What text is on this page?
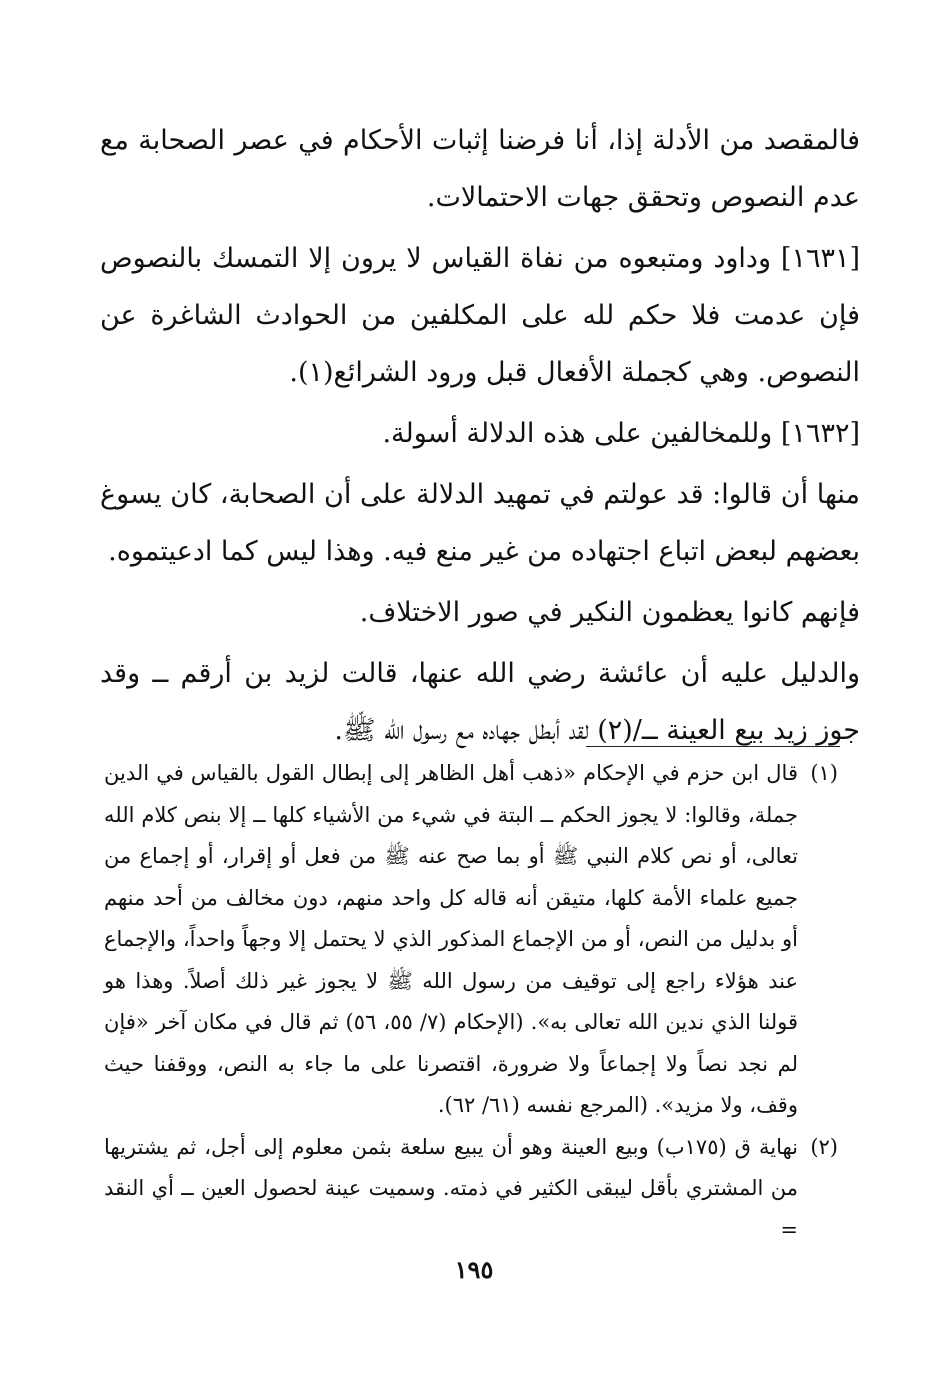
فالمقصد من الأدلة إذا، أنا فرضنا إثبات الأحكام في عصر الصحابة مع عدم النصوص وتحقق جهات الاحتمالات.

[١٦٣١] وداود ومتبعوه من نفاة القياس لا يرون إلا التمسك بالنصوص فإن عدمت فلا حكم لله على المكلفين من الحوادث الشاغرة عن النصوص. وهي كجملة الأفعال قبل ورود الشرائع(١).

[١٦٣٢] وللمخالفين على هذه الدلالة أسولة.

منها أن قالوا: قد عولتم في تمهيد الدلالة على أن الصحابة، كان يسوغ بعضهم لبعض اتباع اجتهاده من غير منع فيه. وهذا ليس كما ادعيتموه.

فإنهم كانوا يعظمون النكير في صور الاختلاف.

والدليل عليه أن عائشة رضي الله عنها، قالت لزيد بن أرقم ــ وقد جوز زيد بيع العينة ــ/(٢) لقد أبطل جهاده مع رسول الله ﷺ.

(١)
قال ابن حزم في الإحكام «ذهب أهل الظاهر إلى إبطال القول بالقياس في الدين جملة، وقالوا: لا يجوز الحكم ــ البتة في شيء من الأشياء كلها ــ إلا بنص كلام الله تعالى، أو نص كلام النبي ﷺ أو بما صح عنه ﷺ من فعل أو إقرار، أو إجماع من جميع علماء الأمة كلها، متيقن أنه قاله كل واحد منهم، دون مخالف من أحد منهم أو بدليل من النص، أو من الإجماع المذكور الذي لا يحتمل إلا وجهاً واحداً، والإجماع عند هؤلاء راجع إلى توقيف من رسول الله ﷺ لا يجوز غير ذلك أصلاً. وهذا هو قولنا الذي ندين الله تعالى به». (الإحكام (٧/ ٥٥، ٥٦) ثم قال في مكان آخر «فإن لم نجد نصاً ولا إجماعاً ولا ضرورة، اقتصرنا على ما جاء به النص، ووقفنا حيث وقف، ولا مزيد». (المرجع نفسه (٦١/ ٦٢).
(٢)
نهاية ق (١٧٥ب) وبيع العينة وهو أن يبيع سلعة بثمن معلوم إلى أجل، ثم يشتريها من المشتري بأقل ليبقى الكثير في ذمته. وسميت عينة لحصول العين ــ أي النقد =
١٩٥
